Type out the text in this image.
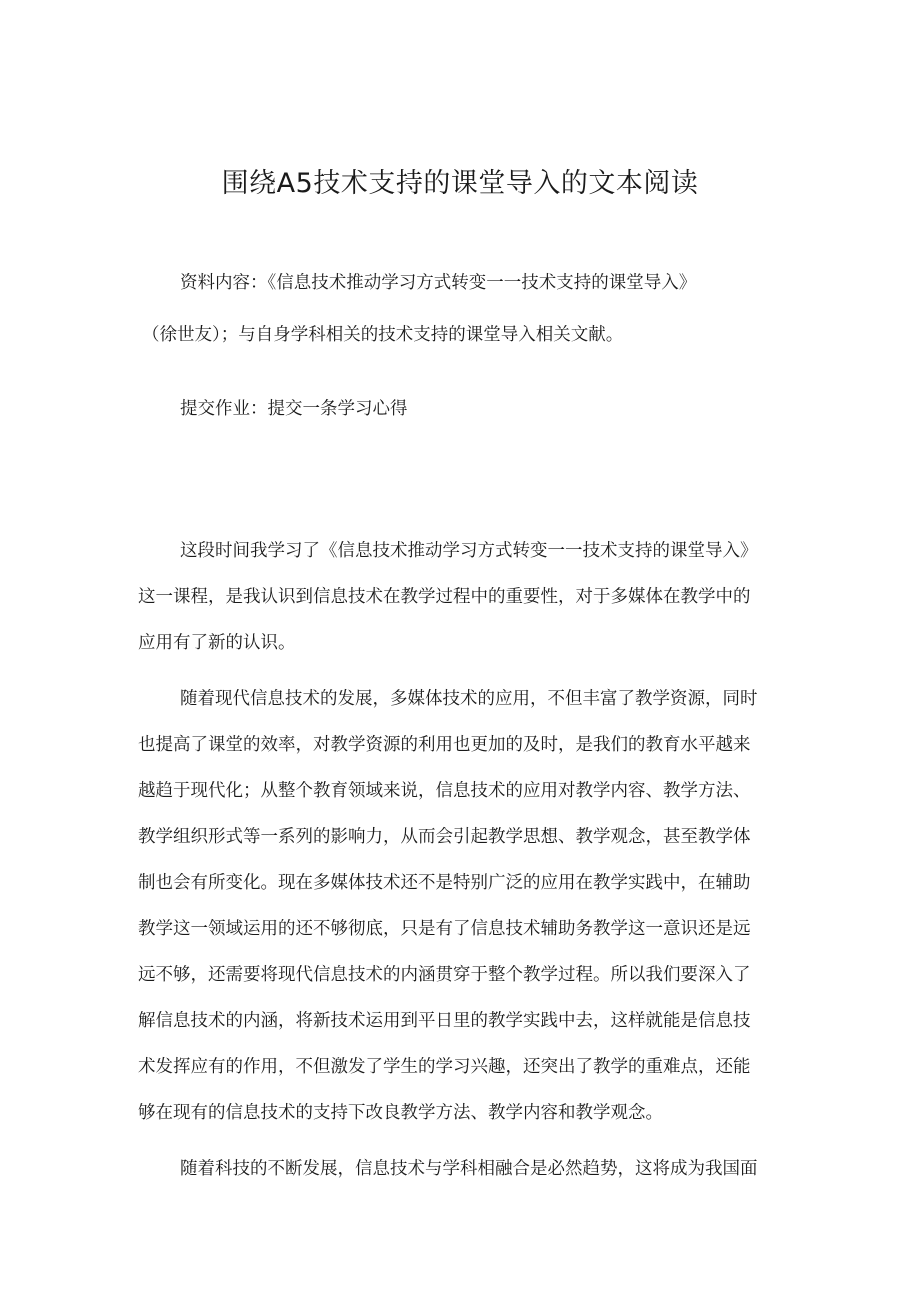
围绕A5技术支持的课堂导入的文本阅读

资料内容：《信息技术推动学习方式转变一一技术支持的课堂导入》

（徐世友）；与自身学科相关的技术支持的课堂导入相关文献。

提交作业：提交一条学习心得

这段时间我学习了《信息技术推动学习方式转变一一技术支持的课堂导入》

这一课程，是我认识到信息技术在教学过程中的重要性，对于多媒体在教学中的

应用有了新的认识。

随着现代信息技术的发展，多媒体技术的应用，不但丰富了教学资源，同时

也提高了课堂的效率，对教学资源的利用也更加的及时，是我们的教育水平越来

越趋于现代化；从整个教育领域来说，信息技术的应用对教学内容、教学方法、

教学组织形式等一系列的影响力，从而会引起教学思想、教学观念，甚至教学体

制也会有所变化。现在多媒体技术还不是特别广泛的应用在教学实践中，在辅助

教学这一领域运用的还不够彻底，只是有了信息技术辅助务教学这一意识还是远

远不够，还需要将现代信息技术的内涵贯穿于整个教学过程。所以我们要深入了

解信息技术的内涵，将新技术运用到平日里的教学实践中去，这样就能是信息技

术发挥应有的作用，不但激发了学生的学习兴趣，还突出了教学的重难点，还能

够在现有的信息技术的支持下改良教学方法、教学内容和教学观念。

随着科技的不断发展，信息技术与学科相融合是必然趋势，这将成为我国面
